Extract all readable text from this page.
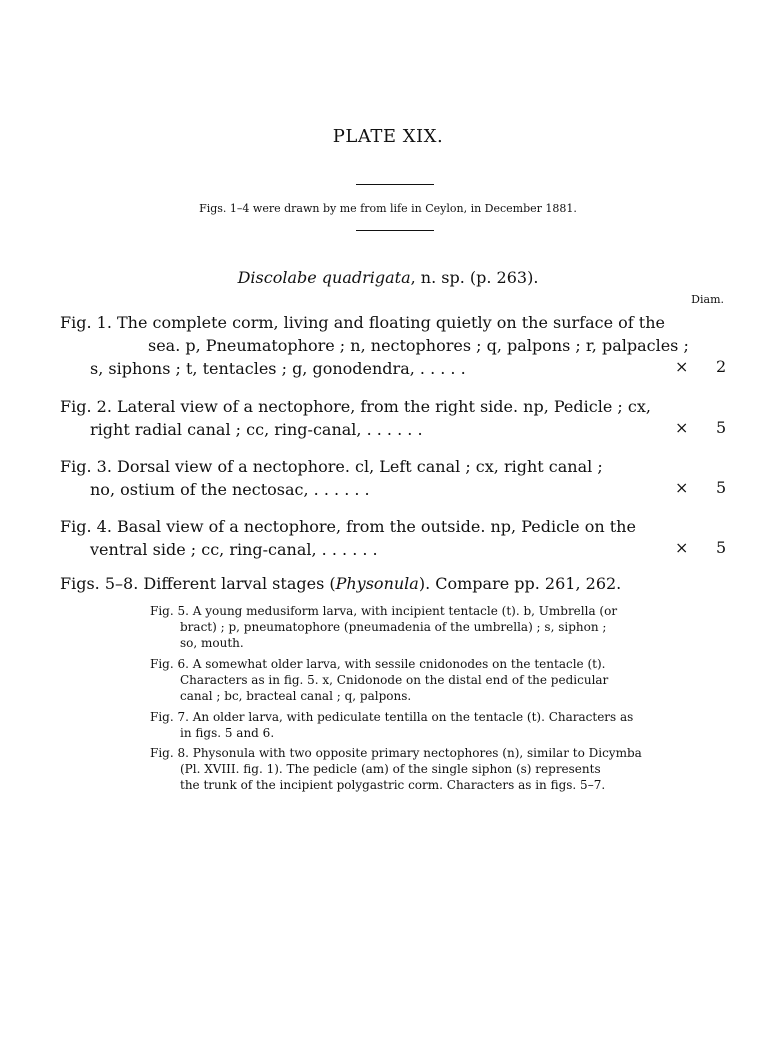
PLATE XIX.
Figs. 1–4 were drawn by me from life in Ceylon, in December 1881.
Discolabe quadrigata, n. sp. (p. 263).
Diam.
Fig. 1. The complete corm, living and floating quietly on the surface of the
sea. p, Pneumatophore ; n, nectophores ; q, palpons ; r, palpacles ;
s, siphons ; t, tentacles ; g, gonodendra, . . . . .	× 2
Fig. 2. Lateral view of a nectophore, from the right side. np, Pedicle ; cx,
right radial canal ; cc, ring-canal, . . . . . .	× 5
Fig. 3. Dorsal view of a nectophore. cl, Left canal ; cx, right canal ;
no, ostium of the nectosac, . . . . . .	× 5
Fig. 4. Basal view of a nectophore, from the outside. np, Pedicle on the
ventral side ; cc, ring-canal, . . . . . .	× 5
Figs. 5–8. Different larval stages (Physonula). Compare pp. 261, 262.
Fig. 5. A young medusiform larva, with incipient tentacle (t). b, Umbrella (or
bract) ; p, pneumatophore (pneumadenia of the umbrella) ; s, siphon ;
so, mouth.
Fig. 6. A somewhat older larva, with sessile cnidonodes on the tentacle (t).
Characters as in fig. 5. x, Cnidonode on the distal end of the pedicular
canal ; bc, bracteal canal ; q, palpons.
Fig. 7. An older larva, with pediculate tentilla on the tentacle (t). Characters as
in figs. 5 and 6.
Fig. 8. Physonula with two opposite primary nectophores (n), similar to Dicymba
(Pl. XVIII. fig. 1). The pedicle (am) of the single siphon (s) represents
the trunk of the incipient polygastric corm. Characters as in figs. 5–7.
